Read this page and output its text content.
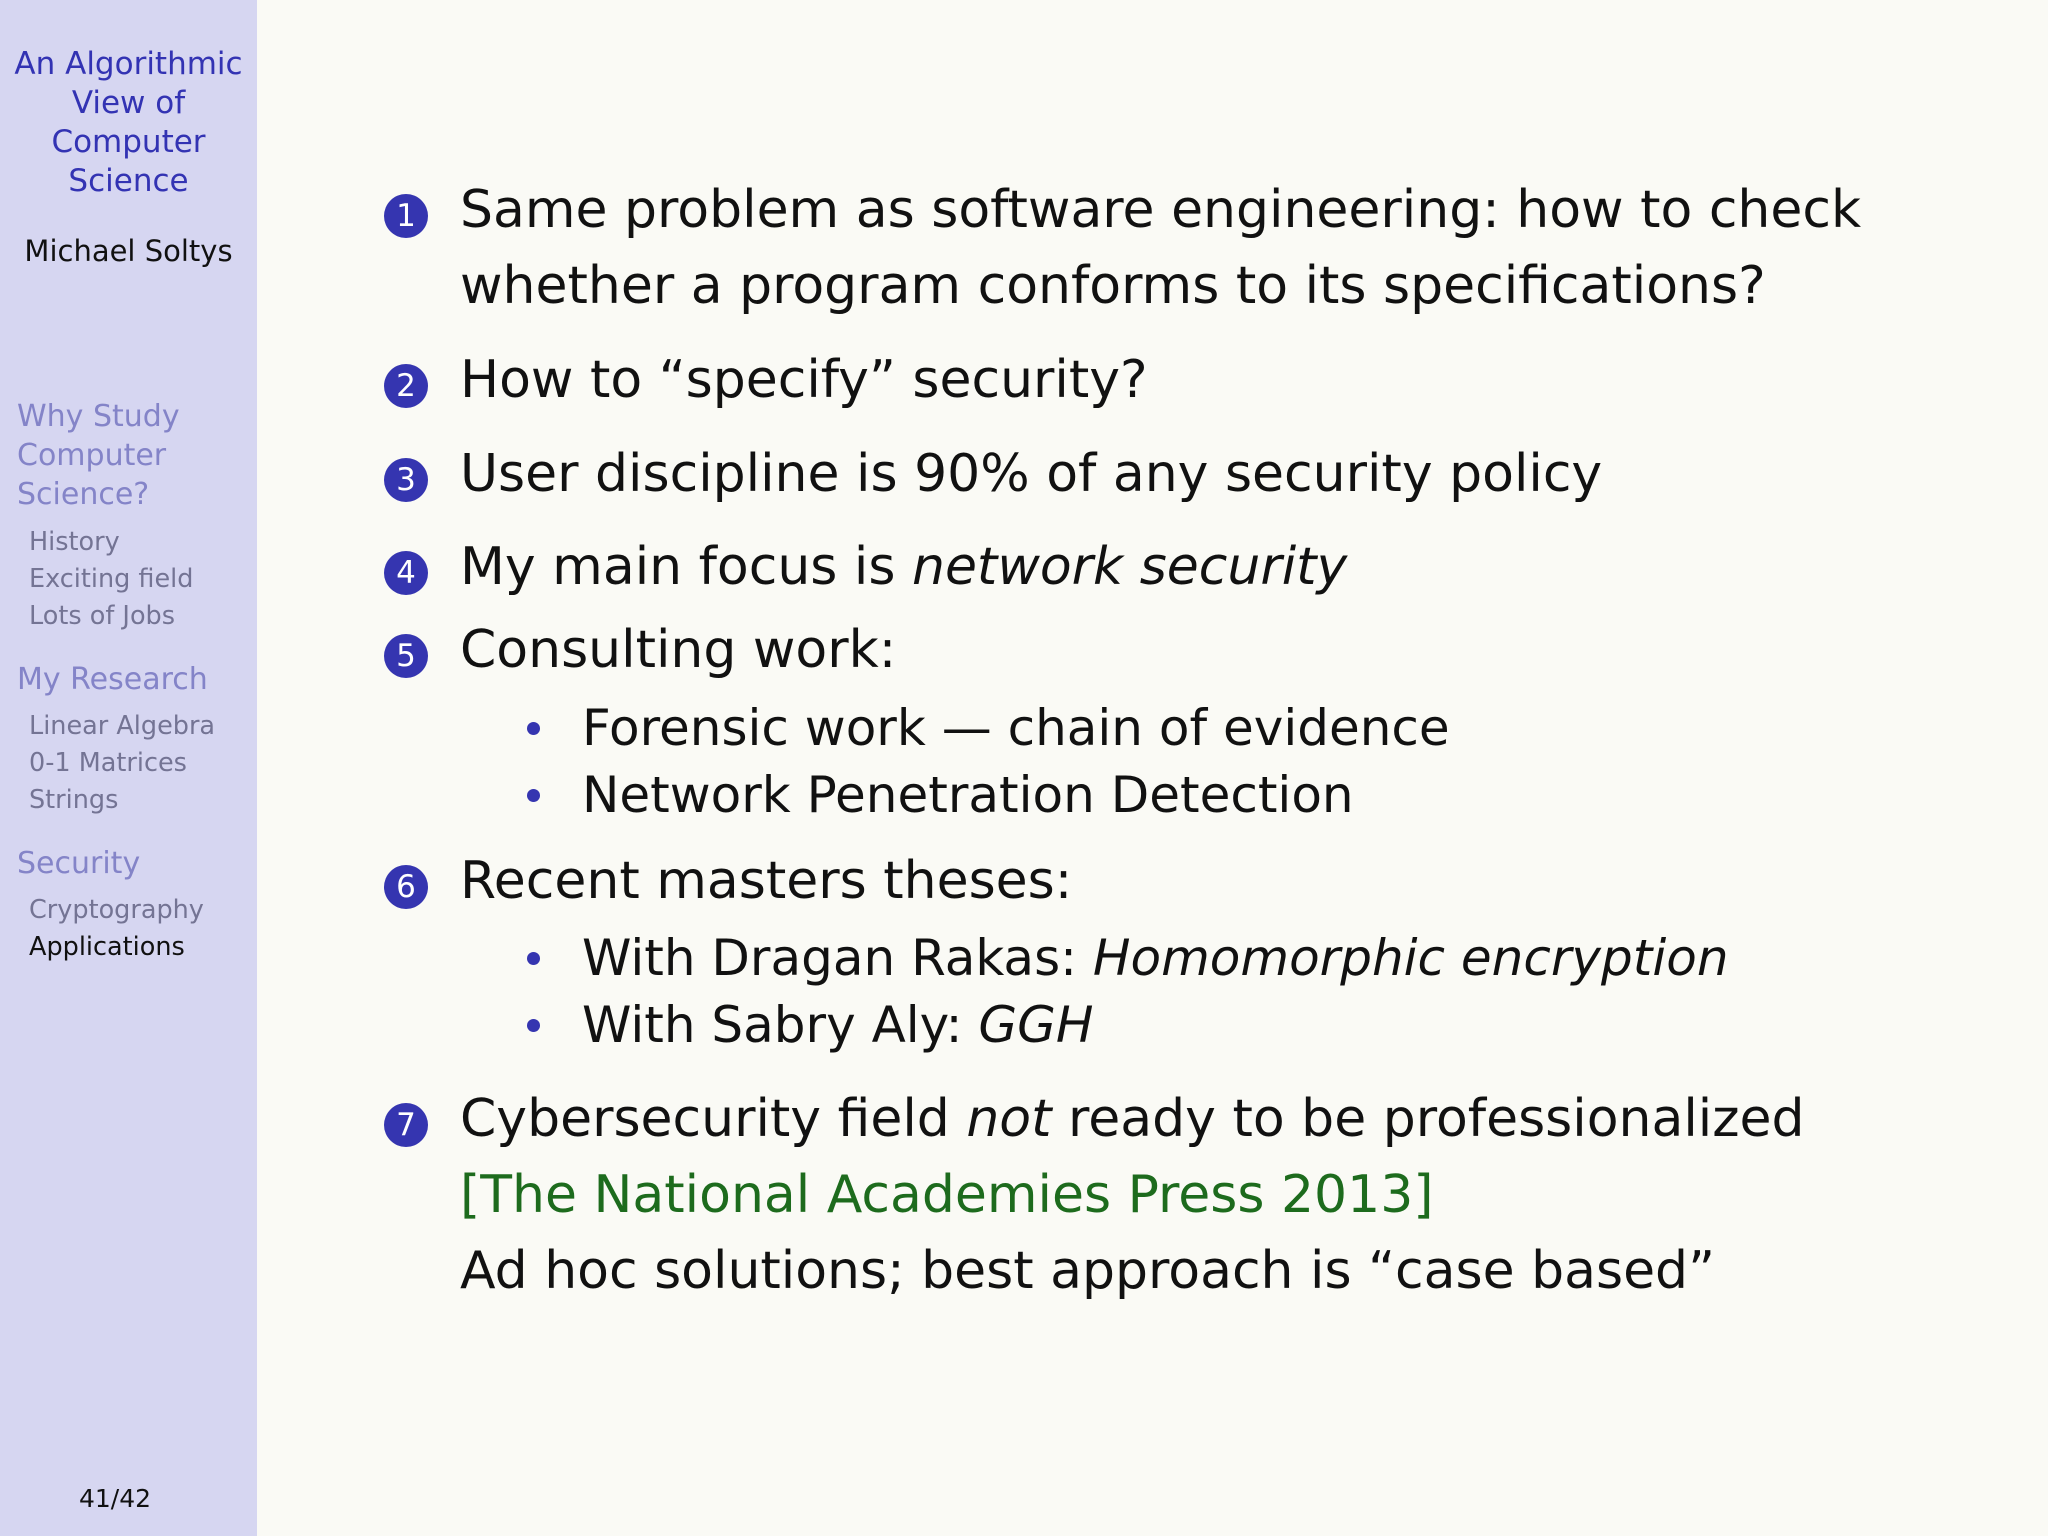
An Algorithmic
View of
Computer
Science
Michael Soltys
Why Study
Computer
Science?
History
Exciting field
Lots of Jobs
My Research
Linear Algebra
0-1 Matrices
Strings
Security
Cryptography
Applications
41/42
1 Same problem as software engineering: how to check
whether a program conforms to its specifications?
2 How to “specify” security?
3 User discipline is 90% of any security policy
4 My main focus is network security
5 Consulting work:
Forensic work — chain of evidence
Network Penetration Detection
6 Recent masters theses:
With Dragan Rakas: Homomorphic encryption
With Sabry Aly: GGH
7 Cybersecurity field not ready to be professionalized
[The National Academies Press 2013]
Ad hoc solutions; best approach is “case based”
